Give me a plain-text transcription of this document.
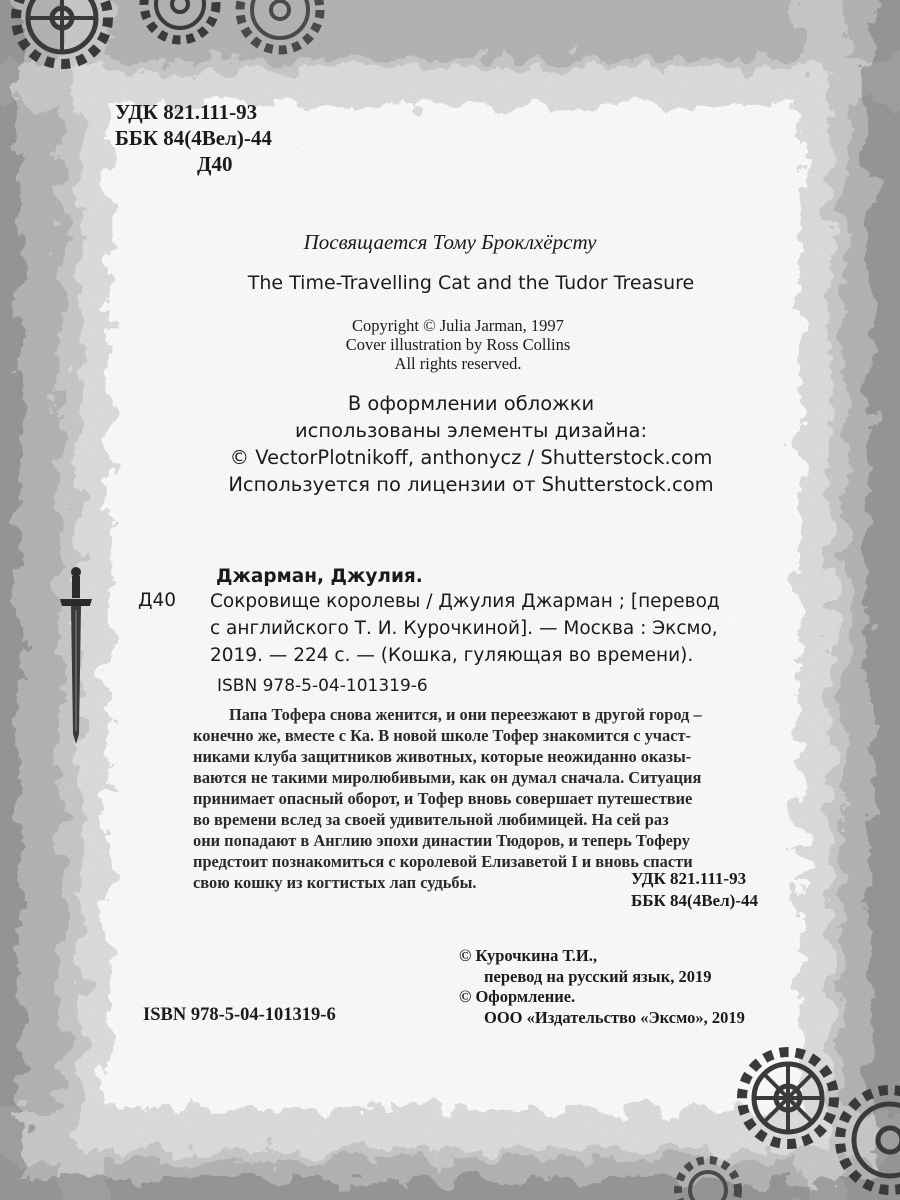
УДК 821.111-93
ББК 84(4Вел)-44
Д40
Посвящается Тому Броклхёрсту
The Time-Travelling Cat and the Tudor Treasure
Copyright © Julia Jarman, 1997
Cover illustration by Ross Collins
All rights reserved.
В оформлении обложки
использованы элементы дизайна:
© VectorPlotnikoff, anthonycz / Shutterstock.com
Используется по лицензии от Shutterstock.com
Джарман, Джулия.
Д40 Сокровище королевы / Джулия Джарман ; [перевод
с английского Т. И. Курочкиной]. — Москва : Эксмо,
2019. — 224 с. — (Кошка, гуляющая во времени).
ISBN 978-5-04-101319-6
Папа Тофера снова женится, и они переезжают в другой город –
конечно же, вместе с Ка. В новой школе Тофер знакомится с участ-
никами клуба защитников животных, которые неожиданно оказы-
ваются не такими миролюбивыми, как он думал сначала. Ситуация
принимает опасный оборот, и Тофер вновь совершает путешествие
во времени вслед за своей удивительной любимицей. На сей раз
они попадают в Англию эпохи династии Тюдоров, и теперь Тоферу
предстоит познакомиться с королевой Елизаветой I и вновь спасти
свою кошку из когтистых лап судьбы.	УДК 821.111-93
ББК 84(4Вел)-44
© Курочкина Т.И.,
перевод на русский язык, 2019
© Оформление.
ООО «Издательство «Эксмо», 2019
ISBN 978-5-04-101319-6
